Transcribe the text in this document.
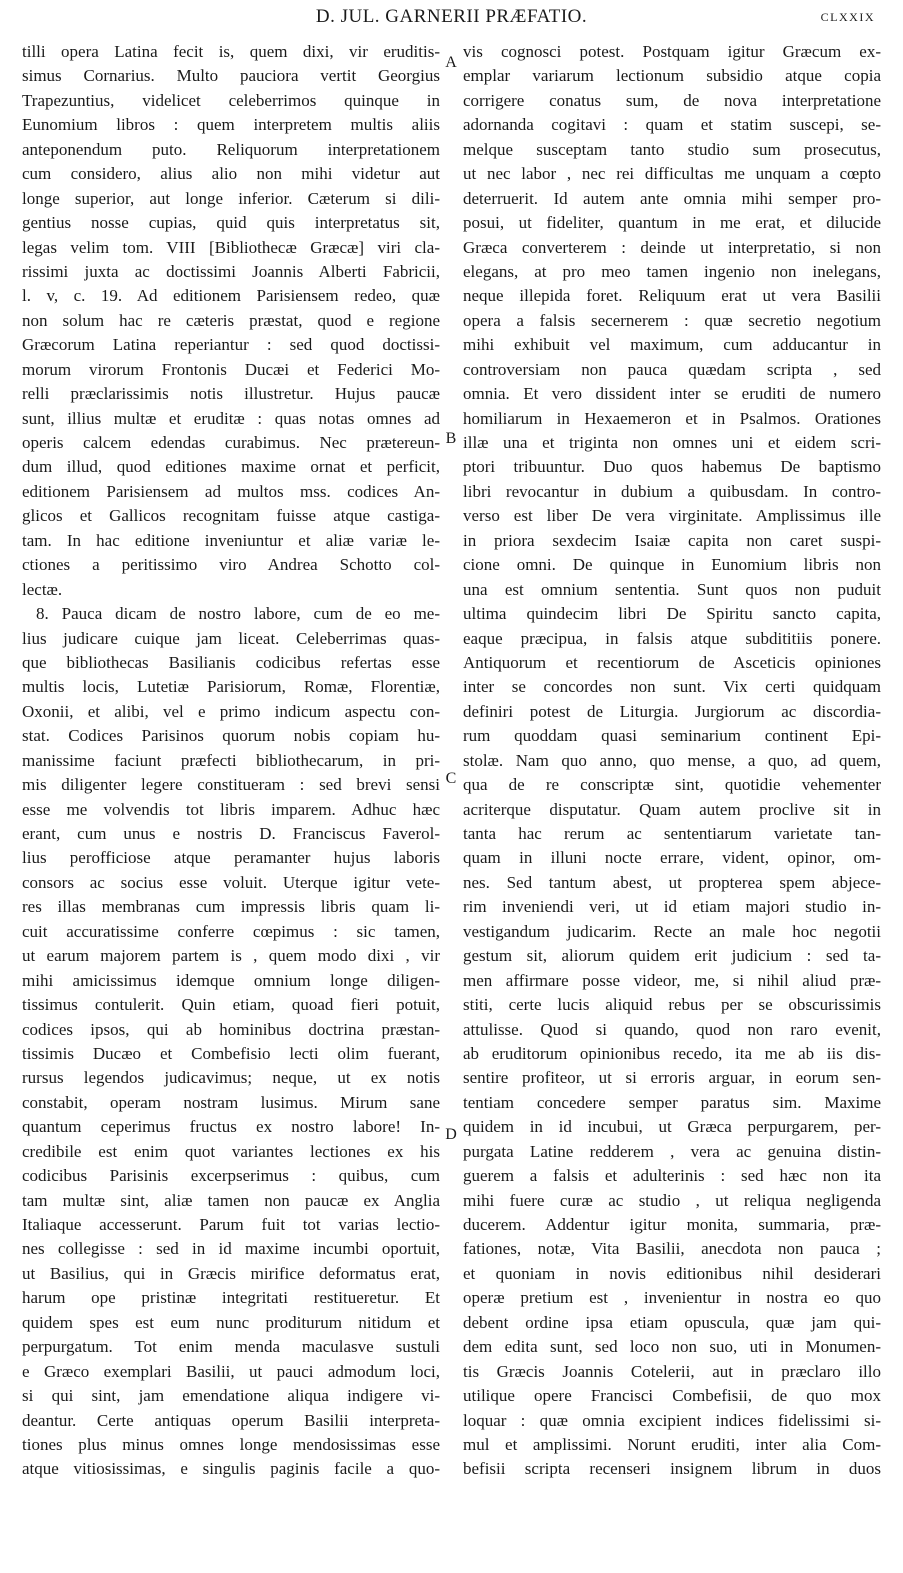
D. JUL. GARNERII PRÆFATIO.	CLXXIX
tilli opera Latina fecit is, quem dixi, vir eruditis-
simus Cornarius. Multo pauciora vertit Georgius
Trapezuntius, videlicet celeberrimos quinque in
Eunomium libros : quem interpretem multis aliis
anteponendum puto. Reliquorum interpretationem
cum considero, alius alio non mihi videtur aut
longe superior, aut longe inferior. Cæterum si dili-
gentius nosse cupias, quid quis interpretatus sit,
legas velim tom. VIII [Bibliothecæ Græcæ] viri cla-
rissimi juxta ac doctissimi Joannis Alberti Fabricii,
l. v, c. 19. Ad editionem Parisiensem redeo, quæ
non solum hac re cæteris præstat, quod e regione
Græcorum Latina reperiantur : sed quod doctissi-
morum virorum Frontonis Ducæi et Federici Mo-
relli præclarissimis notis illustretur. Hujus paucæ
sunt, illius multæ et eruditæ : quas notas omnes ad
operis calcem edendas curabimus. Nec prætereun-
dum illud, quod editiones maxime ornat et perficit,
editionem Parisiensem ad multos mss. codices An-
glicos et Gallicos recognitam fuisse atque castiga-
tam. In hac editione inveniuntur et aliæ variæ le-
ctiones a peritissimo viro Andrea Schotto col-
lectæ.
8. Pauca dicam de nostro labore, cum de eo me-
lius judicare cuique jam liceat. Celeberrimas quas-
que bibliothecas Basilianis codicibus refertas esse
multis locis, Lutetiæ Parisiorum, Romæ, Florentiæ,
Oxonii, et alibi, vel e primo indicum aspectu con-
stat. Codices Parisinos quorum nobis copiam hu-
manissime faciunt præfecti bibliothecarum, in pri-
mis diligenter legere constitueram : sed brevi sensi
esse me volvendis tot libris imparem. Adhuc hæc
erant, cum unus e nostris D. Franciscus Faverol-
lius perofficiose atque peramanter hujus laboris
consors ac socius esse voluit. Uterque igitur vete-
res illas membranas cum impressis libris quam li-
cuit accuratissime conferre cœpimus : sic tamen,
ut earum majorem partem is , quem modo dixi , vir
mihi amicissimus idemque omnium longe diligen-
tissimus contulerit. Quin etiam, quoad fieri potuit,
codices ipsos, qui ab hominibus doctrina præstan-
tissimis Ducæo et Combefisio lecti olim fuerant,
rursus legendos judicavimus; neque, ut ex notis
constabit, operam nostram lusimus. Mirum sane
quantum ceperimus fructus ex nostro labore! In-
credibile est enim quot variantes lectiones ex his
codicibus Parisinis excerpserimus : quibus, cum
tam multæ sint, aliæ tamen non paucæ ex Anglia
Italiaque accesserunt. Parum fuit tot varias lectio-
nes collegisse : sed in id maxime incumbi oportuit,
ut Basilius, qui in Græcis mirifice deformatus erat,
harum ope pristinæ integritati restitueretur. Et
quidem spes est eum nunc proditurum nitidum et
perpurgatum. Tot enim menda maculasve sustuli
e Græco exemplari Basilii, ut pauci admodum loci,
si qui sint, jam emendatione aliqua indigere vi-
deantur. Certe antiquas operum Basilii interpreta-
tiones plus minus omnes longe mendosissimas esse
atque vitiosissimas, e singulis paginis facile a quo-
A
B
C
D
vis cognosci potest. Postquam igitur Græcum ex-
emplar variarum lectionum subsidio atque copia
corrigere conatus sum, de nova interpretatione
adornanda cogitavi : quam et statim suscepi, se-
melque susceptam tanto studio sum prosecutus,
ut nec labor , nec rei difficultas me unquam a cœpto
deterruerit. Id autem ante omnia mihi semper pro-
posui, ut fideliter, quantum in me erat, et dilucide
Græca converterem : deinde ut interpretatio, si non
elegans, at pro meo tamen ingenio non inelegans,
neque illepida foret. Reliquum erat ut vera Basilii
opera a falsis secernerem : quæ secretio negotium
mihi exhibuit vel maximum, cum adducantur in
controversiam non pauca quædam scripta , sed
omnia. Et vero dissident inter se eruditi de numero
homiliarum in Hexaemeron et in Psalmos. Orationes
illæ una et triginta non omnes uni et eidem scri-
ptori tribuuntur. Duo quos habemus De baptismo
libri revocantur in dubium a quibusdam. In contro-
verso est liber De vera virginitate. Amplissimus ille
in priora sexdecim Isaiæ capita non caret suspi-
cione omni. De quinque in Eunomium libris non
una est omnium sententia. Sunt quos non puduit
ultima quindecim libri De Spiritu sancto capita,
eaque præcipua, in falsis atque subdititiis ponere.
Antiquorum et recentiorum de Asceticis opiniones
inter se concordes non sunt. Vix certi quidquam
definiri potest de Liturgia. Jurgiorum ac discordia-
rum quoddam quasi seminarium continent Epi-
stolæ. Nam quo anno, quo mense, a quo, ad quem,
qua de re conscriptæ sint, quotidie vehementer
acriterque disputatur. Quam autem proclive sit in
tanta hac rerum ac sententiarum varietate tan-
quam in illuni nocte errare, vident, opinor, om-
nes. Sed tantum abest, ut propterea spem abjece-
rim inveniendi veri, ut id etiam majori studio in-
vestigandum judicarim. Recte an male hoc negotii
gestum sit, aliorum quidem erit judicium : sed ta-
men affirmare posse videor, me, si nihil aliud præ-
stiti, certe lucis aliquid rebus per se obscurissimis
attulisse. Quod si quando, quod non raro evenit,
ab eruditorum opinionibus recedo, ita me ab iis dis-
sentire profiteor, ut si erroris arguar, in eorum sen-
tentiam concedere semper paratus sim. Maxime
quidem in id incubui, ut Græca perpurgarem, per-
purgata Latine redderem , vera ac genuina distin-
guerem a falsis et adulterinis : sed hæc non ita
mihi fuere curæ ac studio , ut reliqua negligenda
ducerem. Addentur igitur monita, summaria, præ-
fationes, notæ, Vita Basilii, anecdota non pauca ;
et quoniam in novis editionibus nihil desiderari
operæ pretium est , invenientur in nostra eo quo
debent ordine ipsa etiam opuscula, quæ jam qui-
dem edita sunt, sed loco non suo, uti in Monumen-
tis Græcis Joannis Cotelerii, aut in præclaro illo
utilique opere Francisci Combefisii, de quo mox
loquar : quæ omnia excipient indices fidelissimi si-
mul et amplissimi. Norunt eruditi, inter alia Com-
befisii scripta recenseri insignem librum in duos
